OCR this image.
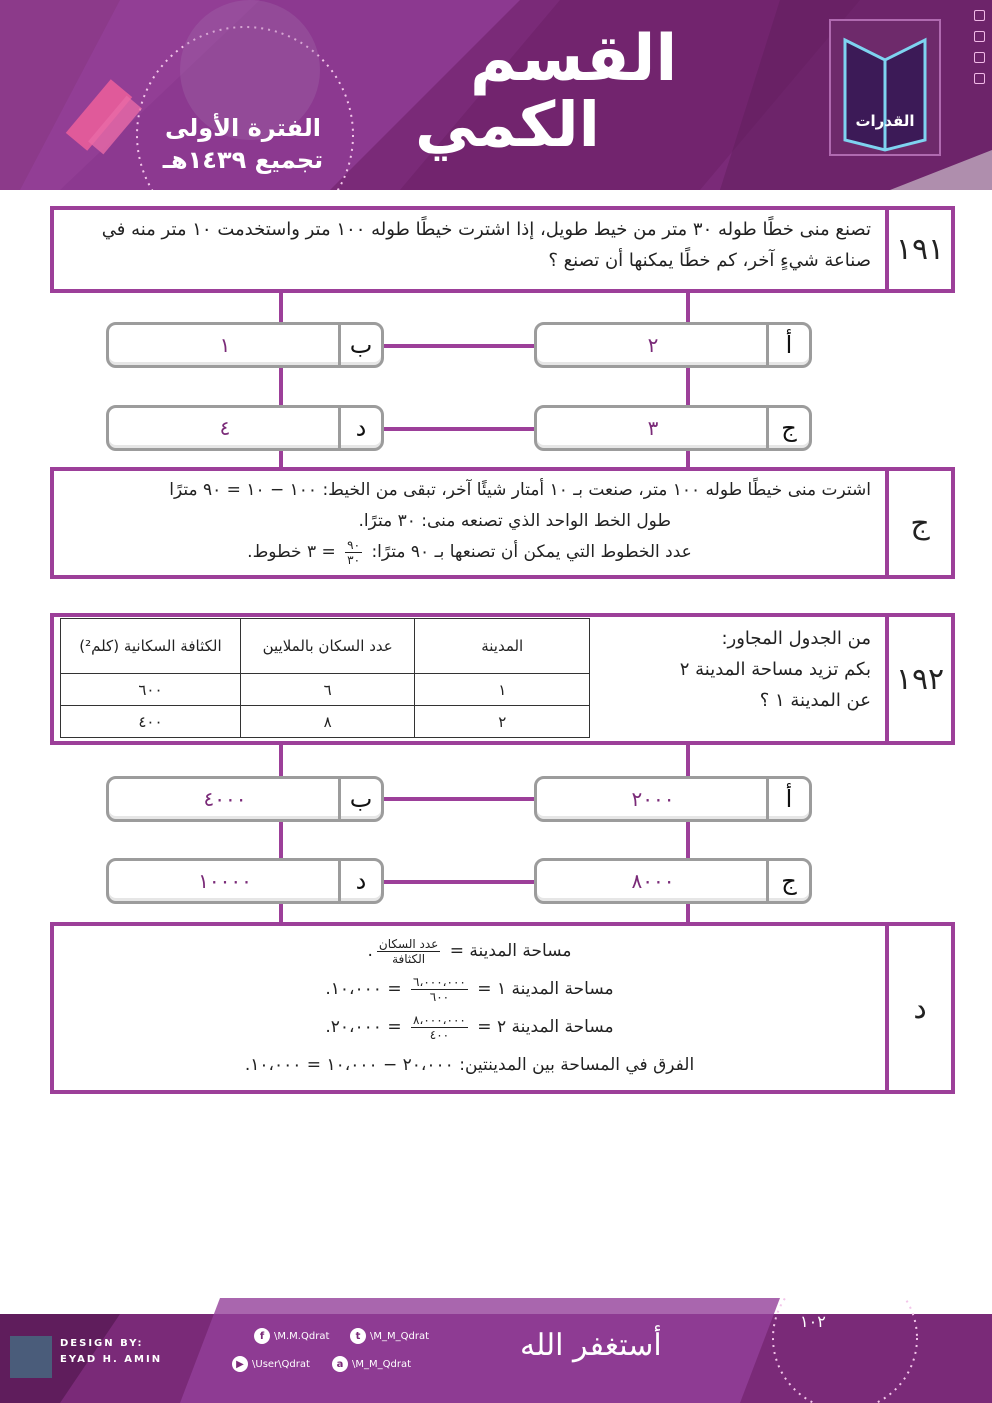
القسم
الكمي
الفترة الأولى
تجميع ١٤٣٩هـ
القدرات
١٩١
تصنع منى خطًا طوله ٣٠ متر من خيط طويل، إذا اشترت خيطًا طوله ١٠٠ متر واستخدمت ١٠ متر منه في صناعة شيءٍ آخر، كم خطًا يمكنها أن تصنع ؟
أ
٢
ب
١
ج
٣
د
٤
ج
اشترت منى خيطًا طوله ١٠٠ متر، صنعت بـ ١٠ أمتار شيئًا آخر، تبقى من الخيط: ١٠٠ − ١٠ = ٩٠ مترًا
طول الخط الواحد الذي تصنعه منى: ٣٠ مترًا.
عدد الخطوط التي يمكن أن تصنعها بـ ٩٠ مترًا:
٩٠
٣٠
= ٣ خطوط.
١٩٢
من الجدول المجاور:
بكم تزيد مساحة المدينة ٢
عن المدينة ١ ؟
المدينة	عدد السكان بالملايين	الكثافة السكانية (كلم²)
١	٦	٦٠٠
٢	٨	٤٠٠
أ
٢٠٠٠
ب
٤٠٠٠
ج
٨٠٠٠
د
١٠٠٠٠
د
مساحة المدينة =
عدد السكان
الكثافة
.
مساحة المدينة ١ =
٦،٠٠٠،٠٠٠
٦٠٠
= ١٠،٠٠٠.
مساحة المدينة ٢ =
٨،٠٠٠،٠٠٠
٤٠٠
= ٢٠،٠٠٠.
الفرق في المساحة بين المدينتين: ٢٠،٠٠٠ − ١٠،٠٠٠ = ١٠،٠٠٠.
DESIGN BY:
EYAD H. AMIN
f \M.M.Qdrat	t \M_M_Qdrat
▶ \User\Qdrat	a \M_M_Qdrat
أستغفر الله
١٠٢
